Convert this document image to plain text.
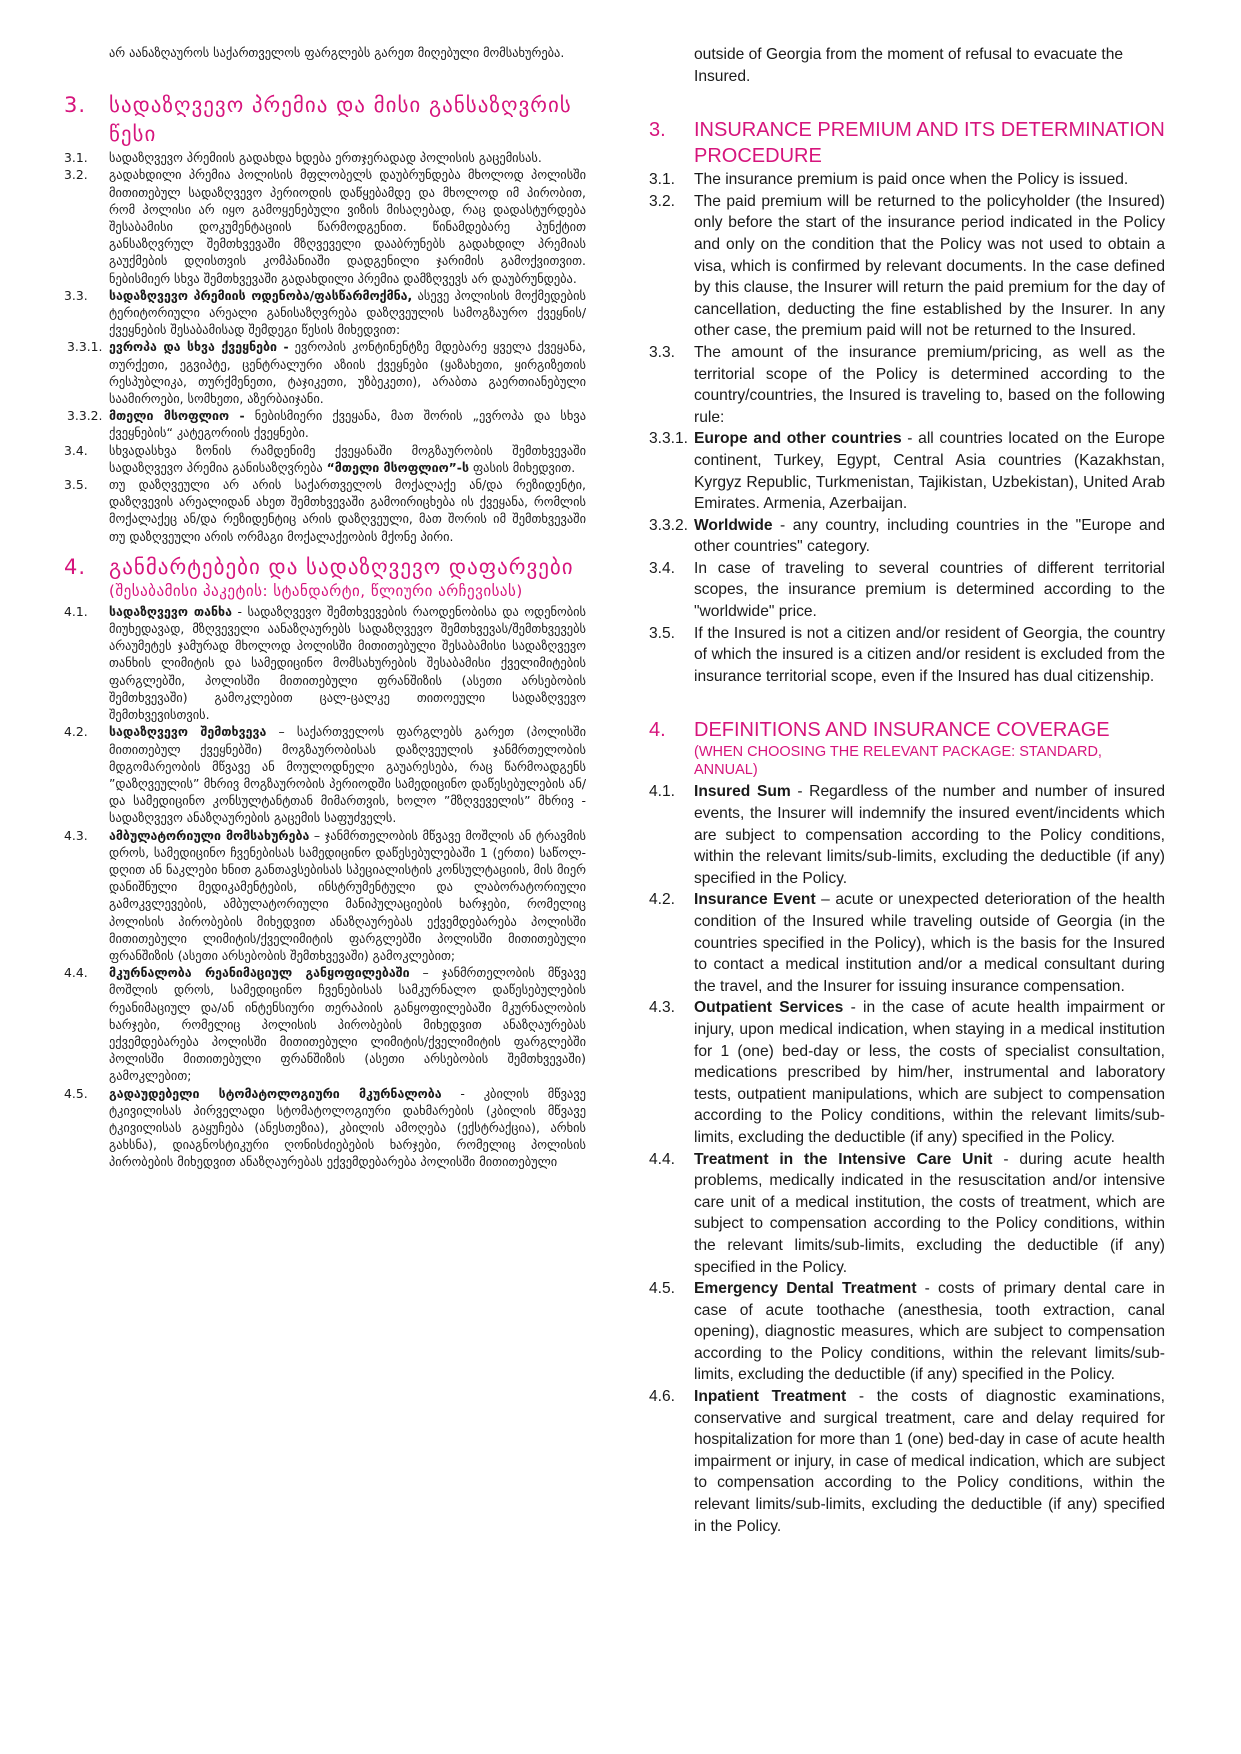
არ აანაზღაუროს საქართველოს ფარგლებს გარეთ მიღებული მომსახურება.

3.	სადაზღვევო პრემია და მისი განსაზღვრის წესი
3.1.	სადაზღვევო პრემიის გადახდა ხდება ერთჯერადად პოლისის გაცემისას.
3.2.	გადახდილი პრემია პოლისის მფლობელს დაუბრუნდება მხოლოდ პოლისში მითითებულ სადაზღვევო პერიოდის დაწყებამდე და მხოლოდ იმ პირობით, რომ პოლისი არ იყო გამოყენებული ვიზის მისაღებად, რაც დადასტურდება შესაბამისი დოკუმენტაციის წარმოდგენით. წინამდებარე პუნქტით განსაზღვრულ შემთხვევაში მზღვეველი დააბრუნებს გადახდილ პრემიას გაუქმების დღისთვის კომპანიაში დადგენილი ჯარიმის გამოქვითვით. ნებისმიერ სხვა შემთხვევაში გადახდილი პრემია დამზღვევს არ დაუბრუნდება.
3.3.	სადაზღვევო პრემიის ოდენობა/ფასწარმოქმნა, ასევე პოლისის მოქმედების ტერიტორიული არეალი განისაზღვრება დაზღვეულის სამოგზაურო ქვეყნის/ ქვეყნების შესაბამისად შემდეგი წესის მიხედვით:
3.3.1. ევროპა და სხვა ქვეყნები - ევროპის კონტინენტზე მდებარე ყველა ქვეყანა, თურქეთი, ეგვიპტე, ცენტრალური აზიის ქვეყნები (ყაზახეთი, ყირგიზეთის რესპუბლიკა, თურქმენეთი, ტაჯიკეთი, უზბეკეთი), არაბთა გაერთიანებული საამიროები, სომხეთი, აზერბაიჯანი.
3.3.2. მთელი მსოფლიო - ნებისმიერი ქვეყანა, მათ შორის „ევროპა და სხვა ქვეყნების“ კატეგორიის ქვეყნები.
3.4.	სხვადასხვა ზონის რამდენიმე ქვეყანაში მოგზაურობის შემთხვევაში სადაზღვევო პრემია განისაზღვრება “მთელი მსოფლიო”-ს ფასის მიხედვით.
3.5.	თუ დაზღვეული არ არის საქართველოს მოქალაქე ან/და რეზიდენტი, დაზღვევის არეალიდან ახეთ შემთხვევაში გამოირიცხება ის ქვეყანა, რომლის მოქალაქეც ან/და რეზიდენტიც არის დაზღვეული, მათ შორის იმ შემთხვევაში თუ დაზღვეული არის ორმაგი მოქალაქეობის მქონე პირი.
4.	განმარტებები და სადაზღვევო დაფარვები
(შესაბამისი პაკეტის: სტანდარტი, წლიური არჩევისას)
4.1.	სადაზღვევო თანხა - სადაზღვევო შემთხვევების რაოდენობისა და ოდენობის მიუხედავად, მზღვეველი აანაზღაურებს სადაზღვევო შემთხვევას/შემთხვევებს არაუმეტეს ჯამურად მხოლოდ პოლისში მითითებული შესაბამისი სადაზღვევო თანხის ლიმიტის და სამედიცინო მომსახურების შესაბამისი ქველიმიტების ფარგლებში, პოლისში მითითებული ფრანშიზის (ასეთი არსებობის შემთხვევაში) გამოკლებით ცალ-ცალკე თითოეული სადაზღვევო შემთხვევისთვის.
4.2.	სადაზღვევო შემთხვევა – საქართველოს ფარგლებს გარეთ (პოლისში მითითებულ ქვეყნებში) მოგზაურობისას დაზღვეულის ჯანმრთელობის მდგომარეობის მწვავე ან მოულოდნელი გაუარესება, რაც წარმოადგენს ”დაზღვეულის” მხრივ მოგზაურობის პერიოდში სამედიცინო დაწესებულების ან/და სამედიცინო კონსულტანტთან მიმართვის, ხოლო ”მზღვეველის” მხრივ - სადაზღვევო ანაზღაურების გაცემის საფუძველს.
4.3.	ამბულატორიული მომსახურება – ჯანმრთელობის მწვავე მოშლის ან ტრავმის დროს, სამედიცინო ჩვენებისას სამედიცინო დაწესებულებაში 1 (ერთი) საწოლ-დღით ან ნაკლები ხნით განთავსებისას სპეციალისტის კონსულტაციის, მის მიერ დანიშნული მედიკამენტების, ინსტრუმენტული და ლაბორატორიული გამოკვლევების, ამბულატორიული მანიპულაციების ხარჯები, რომელიც პოლისის პირობების მიხედვით ანაზღაურებას ექვემდებარება პოლისში მითითებული ლიმიტის/ქველიმიტის ფარგლებში პოლისში მითითებული ფრანშიზის (ასეთი არსებობის შემთხვევაში) გამოკლებით;
4.4.	მკურნალობა რეანიმაციულ განყოფილებაში – ჯანმრთელობის მწვავე მოშლის დროს, სამედიცინო ჩვენებისას სამკურნალო დაწესებულების რეანიმაციულ და/ან ინტენსიური თერაპიის განყოფილებაში მკურნალობის ხარჯები, რომელიც პოლისის პირობების მიხედვით ანაზღაურებას ექვემდებარება პოლისში მითითებული ლიმიტის/ქველიმიტის ფარგლებში პოლისში მითითებული ფრანშიზის (ასეთი არსებობის შემთხვევაში) გამოკლებით;
4.5.	გადაუდებელი სტომატოლოგიური მკურნალობა - კბილის მწვავე ტკივილისას პირველადი სტომატოლოგიური დახმარების (კბილის მწვავე ტკივილისას გაყუჩება (ანესთეზია), კბილის ამოღება (ექსტრაქცია), არხის გახსნა), დიაგნოსტიკური ღონისძიებების ხარჯები, რომელიც პოლისის პირობების მიხედვით ანაზღაურებას ექვემდებარება პოლისში მითითებული

outside of Georgia from the moment of refusal to evacuate the Insured.

3.	INSURANCE PREMIUM AND ITS DETERMINATION PROCEDURE
3.1.	The insurance premium is paid once when the Policy is issued.
3.2.	The paid premium will be returned to the policyholder (the Insured) only before the start of the insurance period indicated in the Policy and only on the condition that the Policy was not used to obtain a visa, which is confirmed by relevant documents. In the case defined by this clause, the Insurer will return the paid premium for the day of cancellation, deducting the fine established by the Insurer. In any other case, the premium paid will not be returned to the Insured.
3.3.	The amount of the insurance premium/pricing, as well as the territorial scope of the Policy is determined according to the country/countries, the Insured is traveling to, based on the following rule:
3.3.1. Europe and other countries - all countries located on the Europe continent, Turkey, Egypt, Central Asia countries (Kazakhstan, Kyrgyz Republic, Turkmenistan, Tajikistan, Uzbekistan), United Arab Emirates. Armenia, Azerbaijan.
3.3.2. Worldwide - any country, including countries in the "Europe and other countries" category.
3.4.	In case of traveling to several countries of different territorial scopes, the insurance premium is determined according to the "worldwide" price.
3.5.	If the Insured is not a citizen and/or resident of Georgia, the country of which the insured is a citizen and/or resident is excluded from the insurance territorial scope, even if the Insured has dual citizenship.
4.	DEFINITIONS AND INSURANCE COVERAGE
(WHEN CHOOSING THE RELEVANT PACKAGE: STANDARD, ANNUAL)
4.1.	Insured Sum - Regardless of the number and number of insured events, the Insurer will indemnify the insured event/incidents which are subject to compensation according to the Policy conditions, within the relevant limits/sub-limits, excluding the deductible (if any) specified in the Policy.
4.2.	Insurance Event – acute or unexpected deterioration of the health condition of the Insured while traveling outside of Georgia (in the countries specified in the Policy), which is the basis for the Insured to contact a medical institution and/or a medical consultant during the travel, and the Insurer for issuing insurance compensation.
4.3.	Outpatient Services - in the case of acute health impairment or injury, upon medical indication, when staying in a medical institution for 1 (one) bed-day or less, the costs of specialist consultation, medications prescribed by him/her, instrumental and laboratory tests, outpatient manipulations, which are subject to compensation according to the Policy conditions, within the relevant limits/sub-limits, excluding the deductible (if any) specified in the Policy.
4.4.	Treatment in the Intensive Care Unit - during acute health problems, medically indicated in the resuscitation and/or intensive care unit of a medical institution, the costs of treatment, which are subject to compensation according to the Policy conditions, within the relevant limits/sub-limits, excluding the deductible (if any) specified in the Policy.
4.5.	Emergency Dental Treatment - costs of primary dental care in case of acute toothache (anesthesia, tooth extraction, canal opening), diagnostic measures, which are subject to compensation according to the Policy conditions, within the relevant limits/sub-limits, excluding the deductible (if any) specified in the Policy.
4.6.	Inpatient Treatment - the costs of diagnostic examinations, conservative and surgical treatment, care and delay required for hospitalization for more than 1 (one) bed-day in case of acute health impairment or injury, in case of medical indication, which are subject to compensation according to the Policy conditions, within the relevant limits/sub-limits, excluding the deductible (if any) specified in the Policy.
